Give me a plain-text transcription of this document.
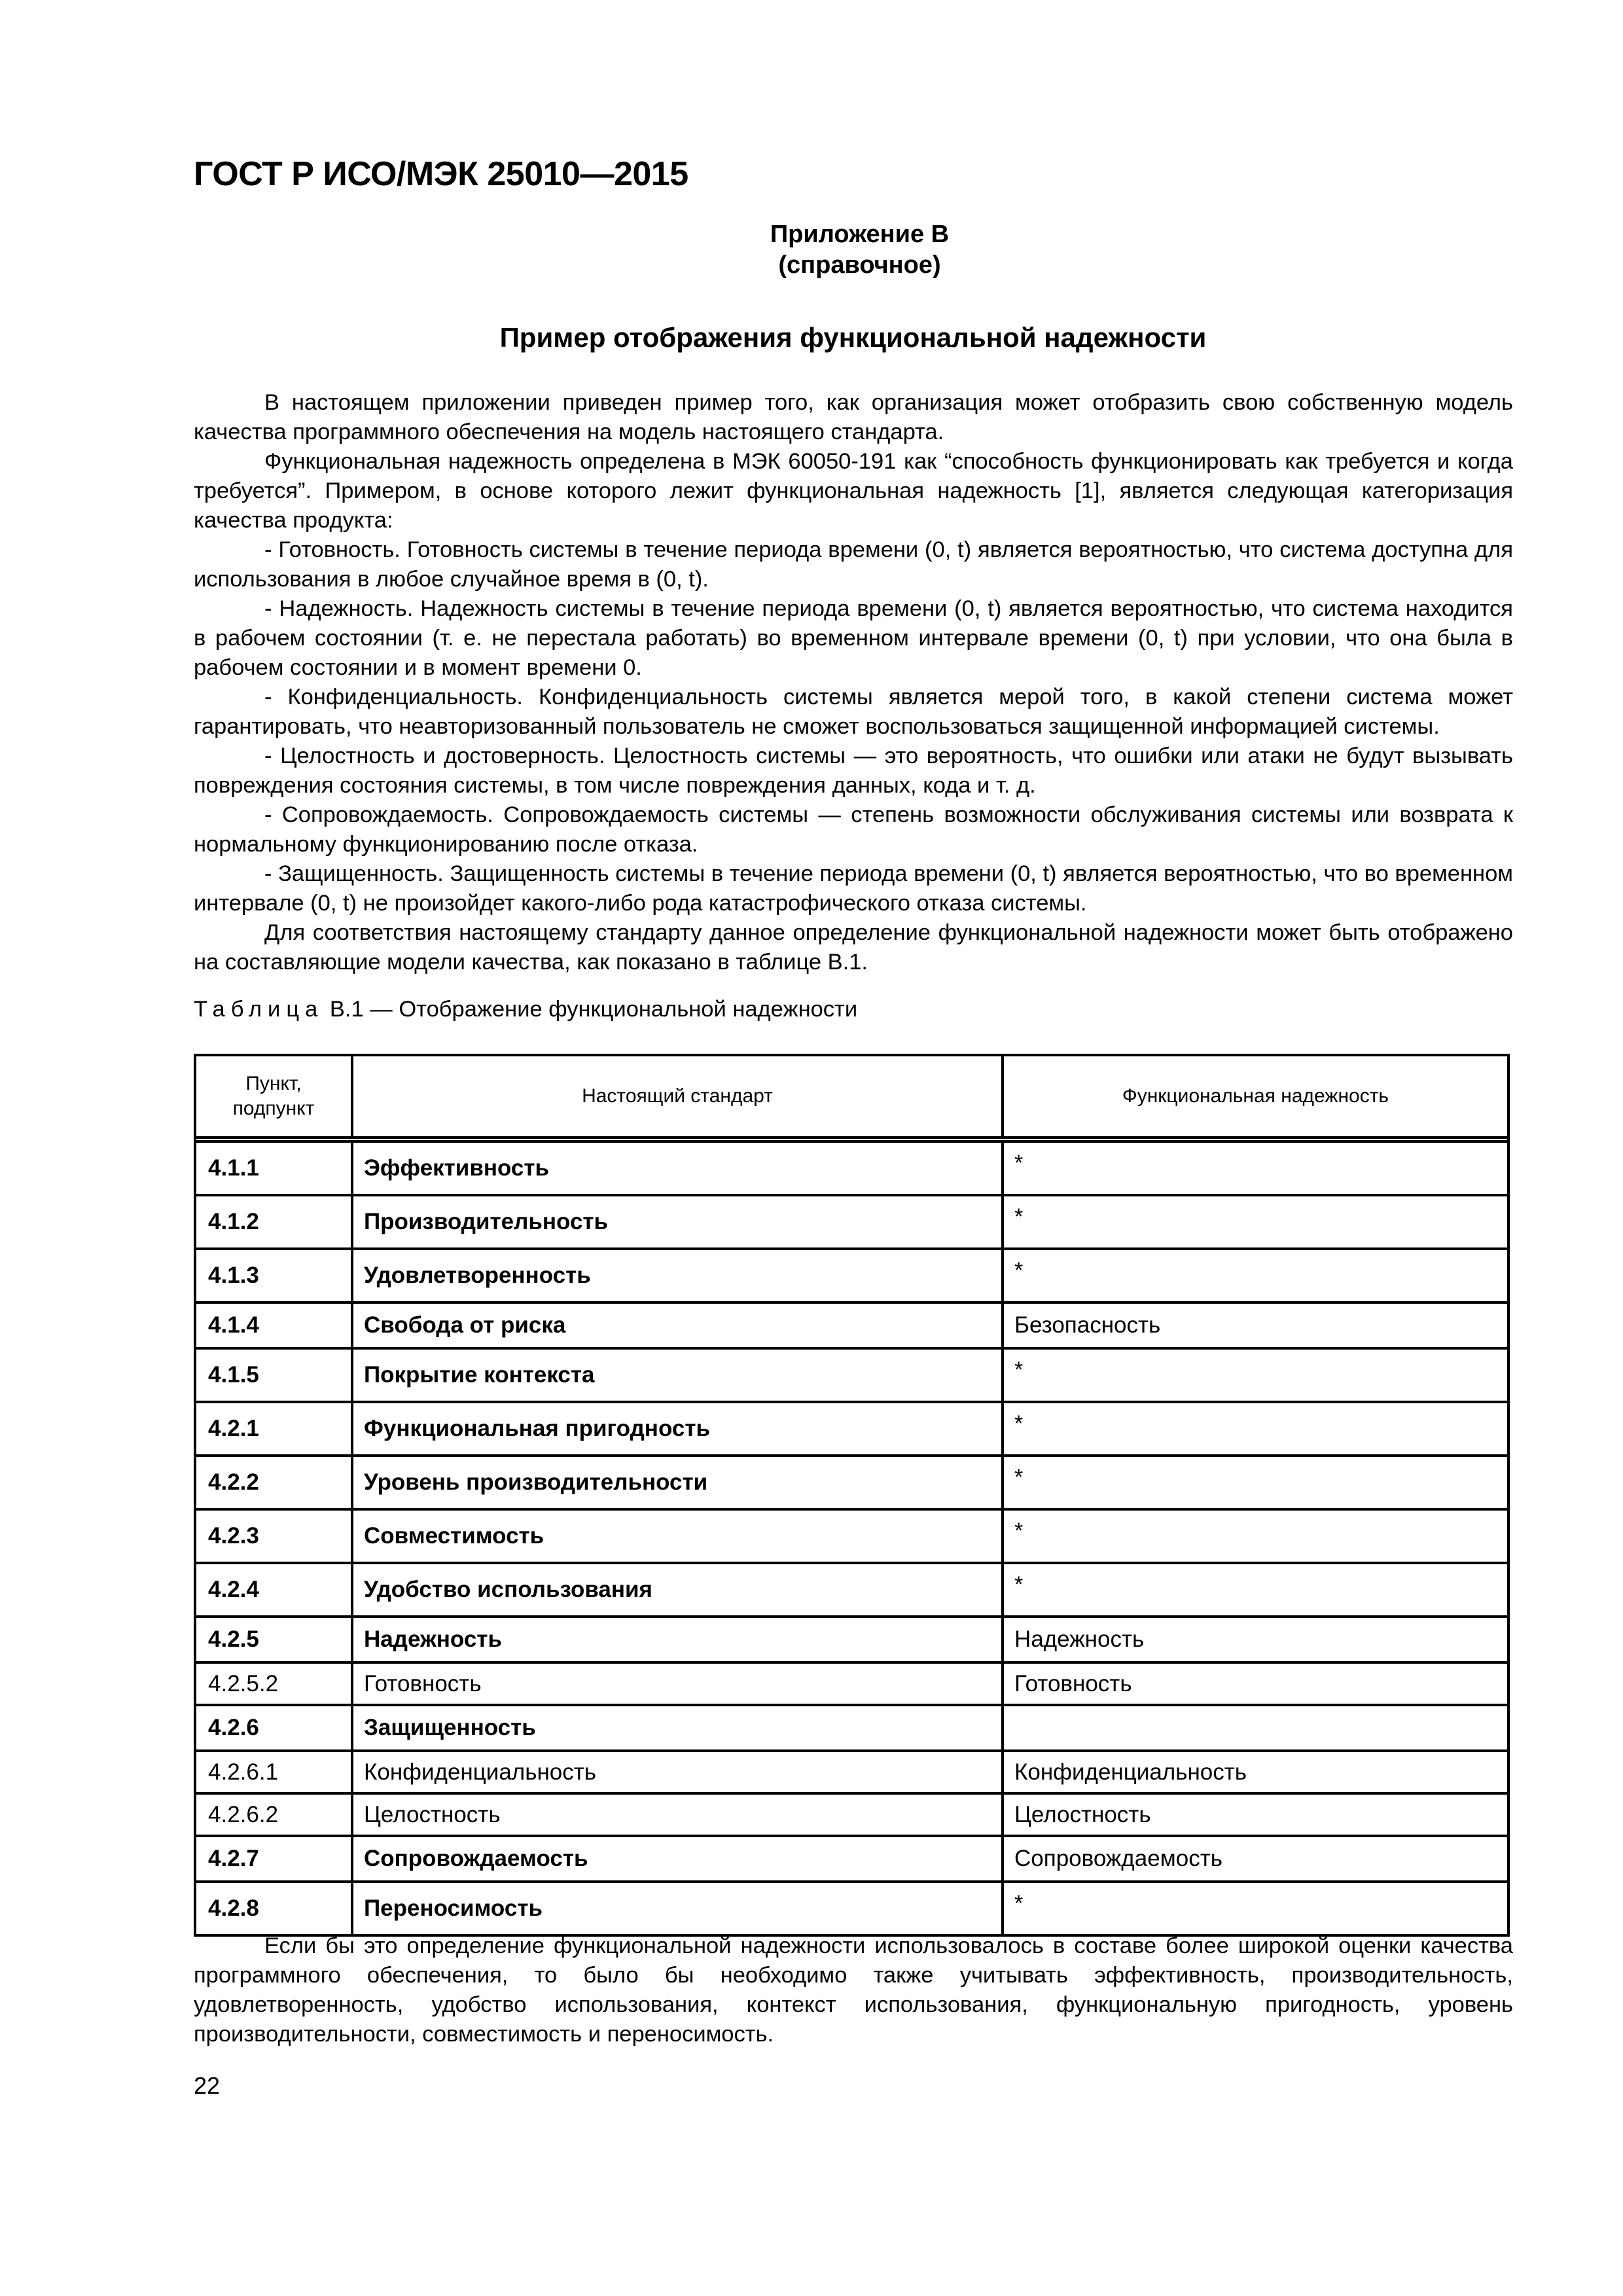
ГОСТ Р ИСО/МЭК 25010—2015
Приложение В
(справочное)
Пример отображения функциональной надежности

В настоящем приложении приведен пример того, как организация может отобразить свою собственную модель качества программного обеспечения на модель настоящего стандарта.

Функциональная надежность определена в МЭК 60050-191 как “способность функционировать как требуется и когда требуется”. Примером, в основе которого лежит функциональная надежность [1], является следующая категоризация качества продукта:

- Готовность. Готовность системы в течение периода времени (0, t) является вероятностью, что система доступна для использования в любое случайное время в (0, t).

- Надежность. Надежность системы в течение периода времени (0, t) является вероятностью, что система находится в рабочем состоянии (т. е. не перестала работать) во временном интервале времени (0, t) при условии, что она была в рабочем состоянии и в момент времени 0.

- Конфиденциальность. Конфиденциальность системы является мерой того, в какой степени система может гарантировать, что неавторизованный пользователь не сможет воспользоваться защищенной информацией системы.

- Целостность и достоверность. Целостность системы — это вероятность, что ошибки или атаки не будут вызывать повреждения состояния системы, в том числе повреждения данных, кода и т. д.

- Сопровождаемость. Сопровождаемость системы — степень возможности обслуживания системы или возврата к нормальному функционированию после отказа.

- Защищенность. Защищенность системы в течение периода времени (0, t) является вероятностью, что во временном интервале (0, t) не произойдет какого-либо рода катастрофического отказа системы.

Для соответствия настоящему стандарту данное определение функциональной надежности может быть отображено на составляющие модели качества, как показано в таблице В.1.

Таблица В.1 — Отображение функциональной надежности
Пункт, подпункт	Настоящий стандарт	Функциональная надежность

4.1.1	Эффективность	*
4.1.2	Производительность	*
4.1.3	Удовлетворенность	*
4.1.4	Свобода от риска	Безопасность
4.1.5	Покрытие контекста	*
4.2.1	Функциональная пригодность	*
4.2.2	Уровень производительности	*
4.2.3	Совместимость	*
4.2.4	Удобство использования	*
4.2.5	Надежность	Надежность
4.2.5.2	Готовность	Готовность
4.2.6	Защищенность	
4.2.6.1	Конфиденциальность	Конфиденциальность
4.2.6.2	Целостность	Целостность
4.2.7	Сопровождаемость	Сопровождаемость
4.2.8	Переносимость	*

Если бы это определение функциональной надежности использовалось в составе более широкой оценки качества программного обеспечения, то было бы необходимо также учитывать эффективность, производительность, удовлетворенность, удобство использования, контекст использования, функциональную пригодность, уровень производительности, совместимость и переносимость.

22
